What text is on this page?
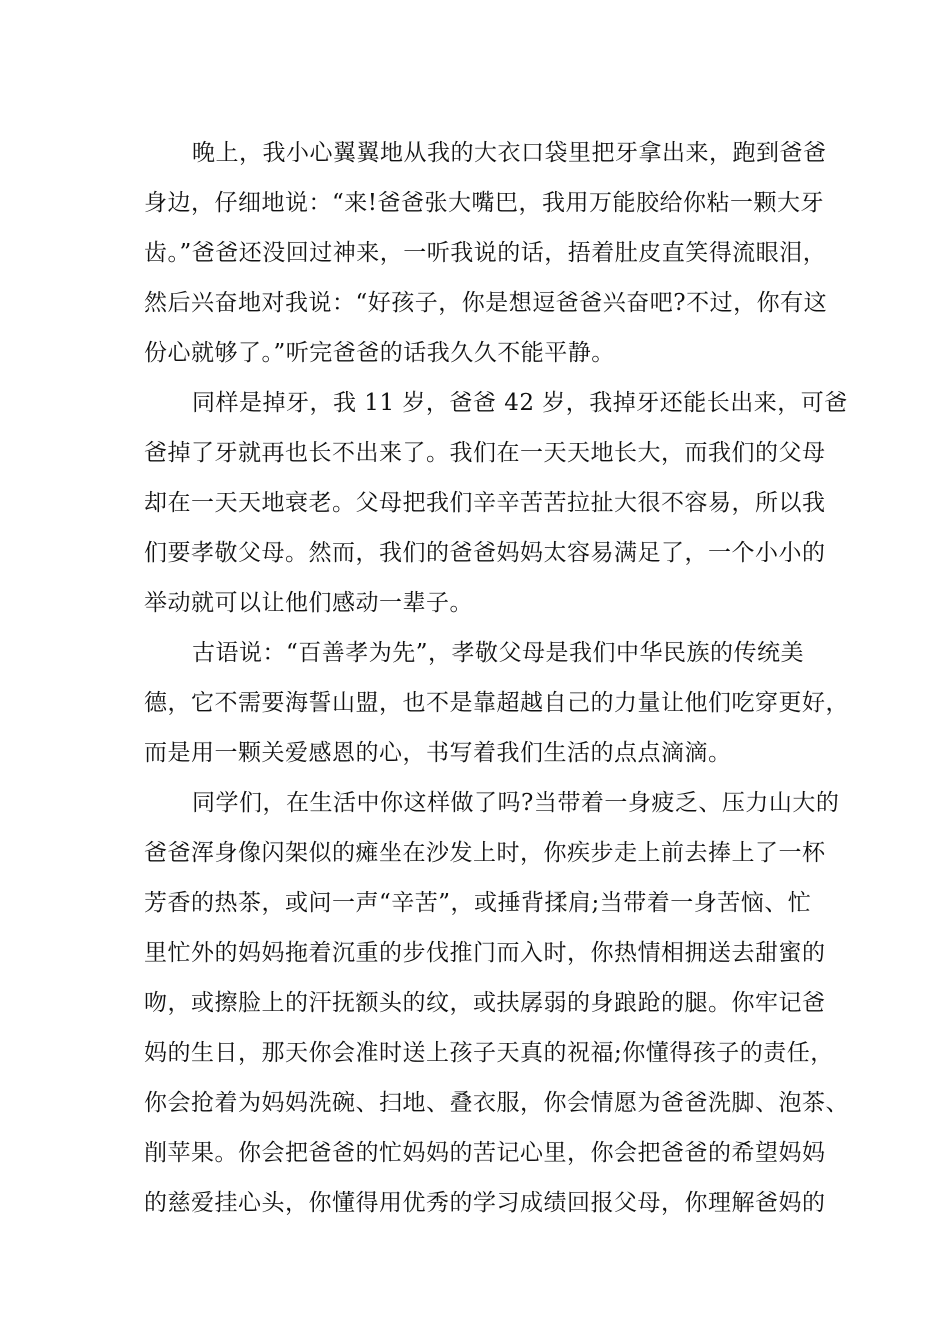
晚上，我小心翼翼地从我的大衣口袋里把牙拿出来，跑到爸爸
身边，仔细地说：“来!爸爸张大嘴巴，我用万能胶给你粘一颗大牙
齿。”爸爸还没回过神来，一听我说的话，捂着肚皮直笑得流眼泪，
然后兴奋地对我说：“好孩子，你是想逗爸爸兴奋吧?不过，你有这
份心就够了。”听完爸爸的话我久久不能平静。
同样是掉牙，我 11 岁，爸爸 42 岁，我掉牙还能长出来，可爸
爸掉了牙就再也长不出来了。我们在一天天地长大，而我们的父母
却在一天天地衰老。父母把我们辛辛苦苦拉扯大很不容易，所以我
们要孝敬父母。然而，我们的爸爸妈妈太容易满足了，一个小小的
举动就可以让他们感动一辈子。
古语说：“百善孝为先”，孝敬父母是我们中华民族的传统美
德，它不需要海誓山盟，也不是靠超越自己的力量让他们吃穿更好，
而是用一颗关爱感恩的心，书写着我们生活的点点滴滴。
同学们，在生活中你这样做了吗?当带着一身疲乏、压力山大的
爸爸浑身像闪架似的瘫坐在沙发上时，你疾步走上前去捧上了一杯
芳香的热茶，或问一声“辛苦”，或捶背揉肩;当带着一身苦恼、忙
里忙外的妈妈拖着沉重的步伐推门而入时，你热情相拥送去甜蜜的
吻，或擦脸上的汗抚额头的纹，或扶孱弱的身踉跄的腿。你牢记爸
妈的生日，那天你会准时送上孩子天真的祝福;你懂得孩子的责任，
你会抢着为妈妈洗碗、扫地、叠衣服，你会情愿为爸爸洗脚、泡茶、
削苹果。你会把爸爸的忙妈妈的苦记心里，你会把爸爸的希望妈妈
的慈爱挂心头，你懂得用优秀的学习成绩回报父母，你理解爸妈的
